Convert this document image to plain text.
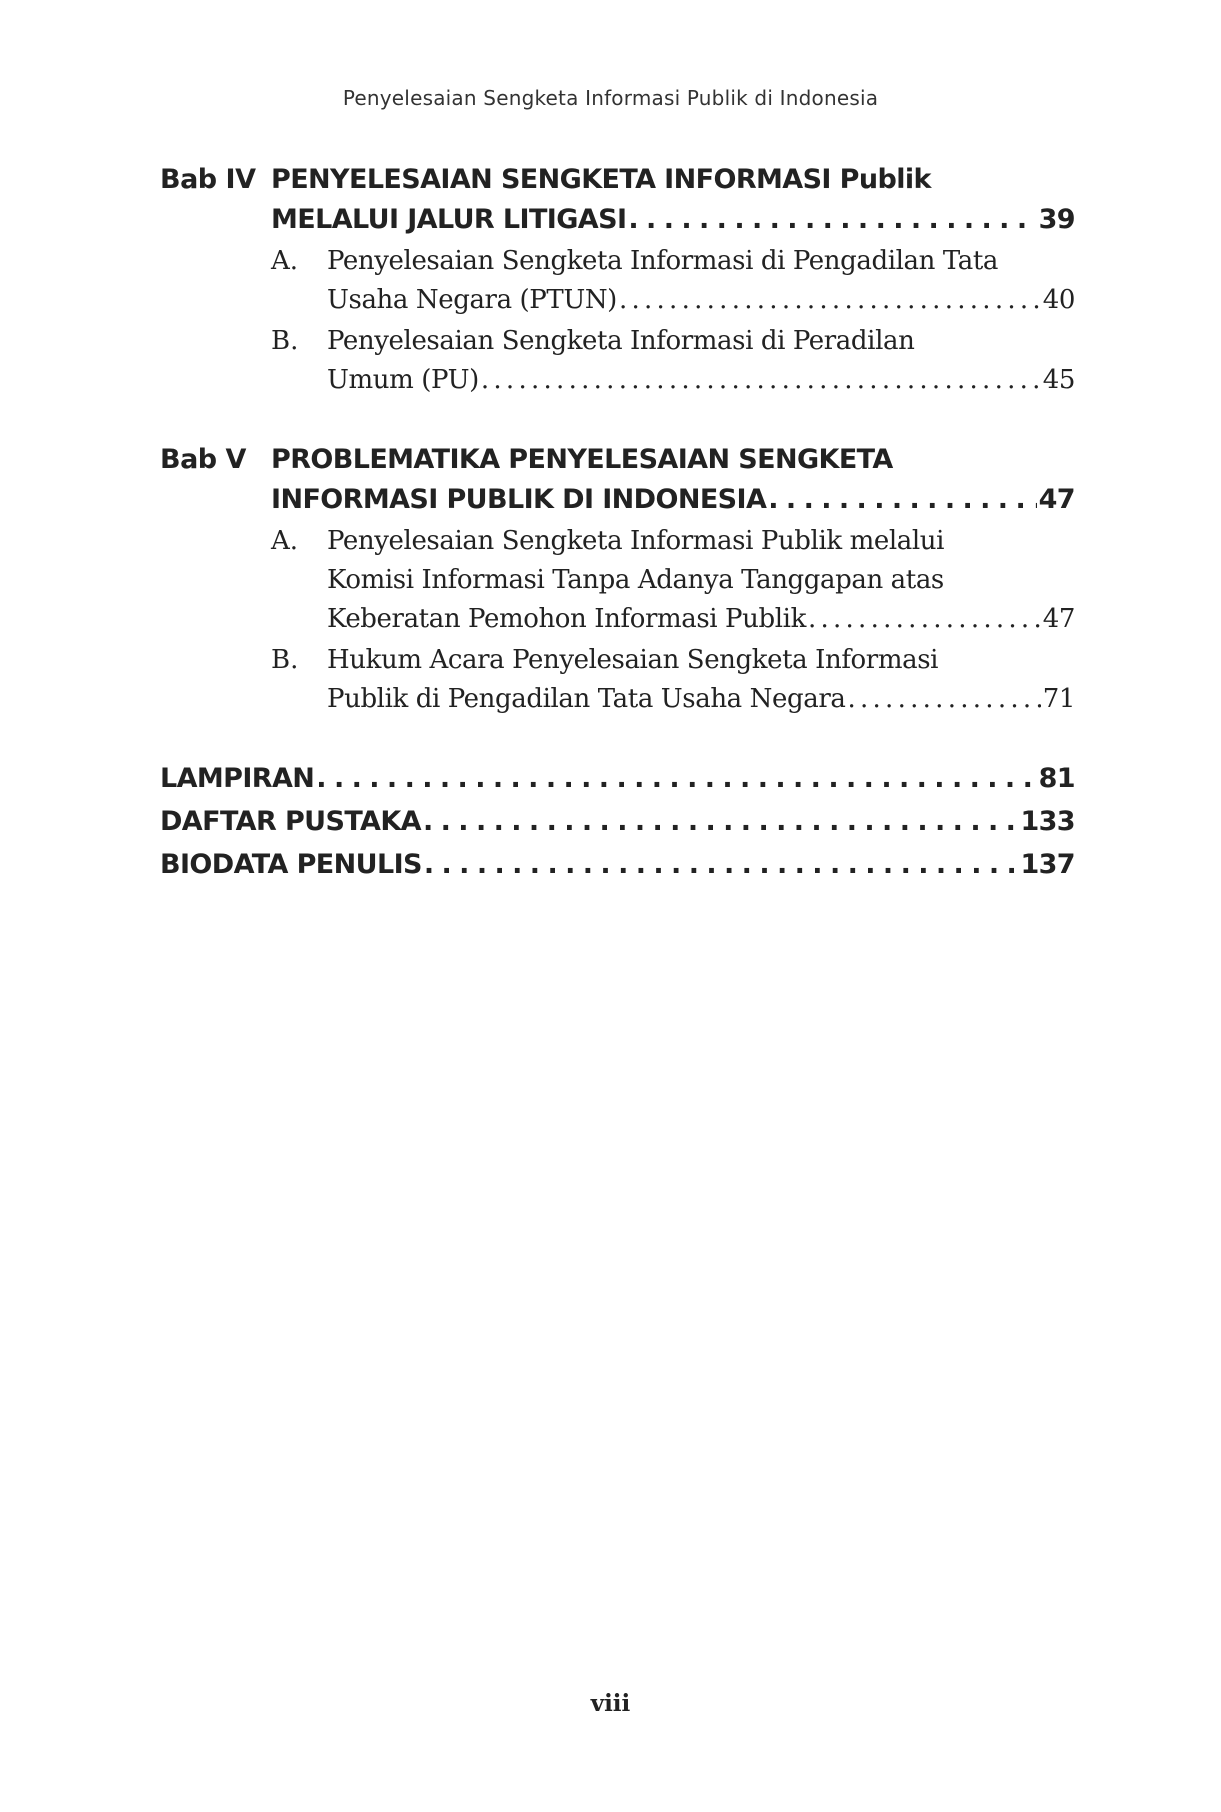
Penyelesaian Sengketa Informasi Publik di Indonesia
Bab IV PENYELESAIAN SENGKETA INFORMASI Publik
MELALUI JALUR LITIGASI . . .	39
A. Penyelesaian Sengketa Informasi di Pengadilan Tata
Usaha Negara (PTUN) . . .	40
B. Penyelesaian Sengketa Informasi di Peradilan
Umum (PU) . . .	45
Bab V PROBLEMATIKA PENYELESAIAN SENGKETA
INFORMASI PUBLIK DI INDONESIA . . .	47
A. Penyelesaian Sengketa Informasi Publik melalui
Komisi Informasi Tanpa Adanya Tanggapan atas
Keberatan Pemohon Informasi Publik . . .	47
B. Hukum Acara Penyelesaian Sengketa Informasi
Publik di Pengadilan Tata Usaha Negara . . .	71
LAMPIRAN . . .	81
DAFTAR PUSTAKA . . .	133
BIODATA PENULIS . . .	137
viii
